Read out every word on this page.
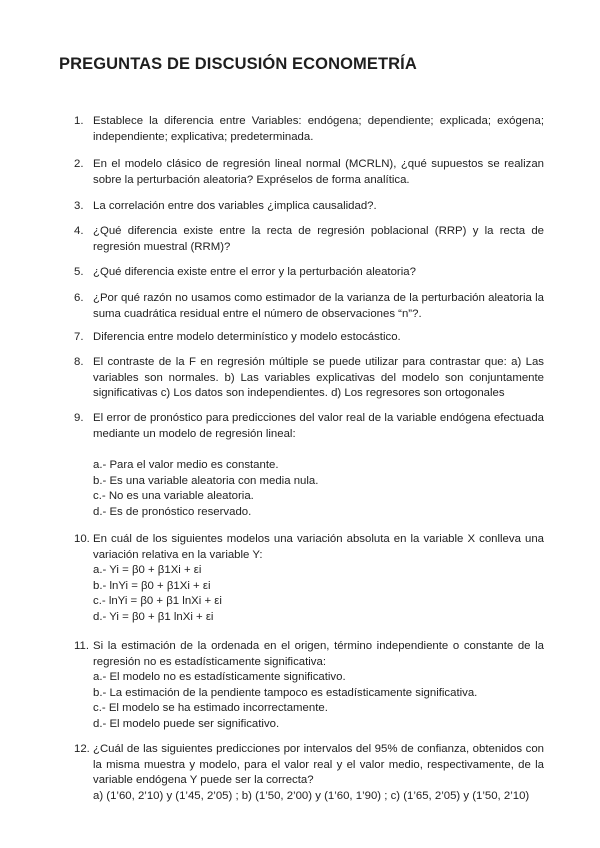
PREGUNTAS DE DISCUSIÓN ECONOMETRÍA
1. Establece la diferencia entre Variables: endógena; dependiente; explicada; exógena; independiente; explicativa; predeterminada.

2. En el modelo clásico de regresión lineal normal (MCRLN), ¿qué supuestos se realizan sobre la perturbación aleatoria? Expréselos de forma analítica.

3. La correlación entre dos variables ¿implica causalidad?.

4. ¿Qué diferencia existe entre la recta de regresión poblacional (RRP) y la recta de regresión muestral (RRM)?

5. ¿Qué diferencia existe entre el error y la perturbación aleatoria?

6. ¿Por qué razón no usamos como estimador de la varianza de la perturbación aleatoria la suma cuadrática residual entre el número de observaciones “n”?.

7. Diferencia entre modelo determinístico y modelo estocástico.

8. El contraste de la F en regresión múltiple se puede utilizar para contrastar que: a) Las variables son normales. b) Las variables explicativas del modelo son conjuntamente significativas c) Los datos son independientes. d) Los regresores son ortogonales

9. El error de pronóstico para predicciones del valor real de la variable endógena efectuada mediante un modelo de regresión lineal:

a.- Para el valor medio es constante.

b.- Es una variable aleatoria con media nula.

c.- No es una variable aleatoria.

d.- Es de pronóstico reservado.

10. En cuál de los siguientes modelos una variación absoluta en la variable X conlleva una variación relativa en la variable Y:

a.- Yi = β0 + β1Xi + εi

b.- lnYi = β0 + β1Xi + εi

c.- lnYi = β0 + β1 lnXi + εi

d.- Yi = β0 + β1 lnXi + εi

11. Si la estimación de la ordenada en el origen, término independiente o constante de la regresión no es estadísticamente significativa:

a.- El modelo no es estadísticamente significativo.

b.- La estimación de la pendiente tampoco es estadísticamente significativa.

c.- El modelo se ha estimado incorrectamente.

d.- El modelo puede ser significativo.

12. ¿Cuál de las siguientes predicciones por intervalos del 95% de confianza, obtenidos con la misma muestra y modelo, para el valor real y el valor medio, respectivamente, de la variable endógena Y puede ser la correcta?

a) (1’60, 2’10) y (1’45, 2’05) ; b) (1’50, 2’00) y (1’60, 1’90) ; c) (1’65, 2’05) y (1’50, 2’10)
